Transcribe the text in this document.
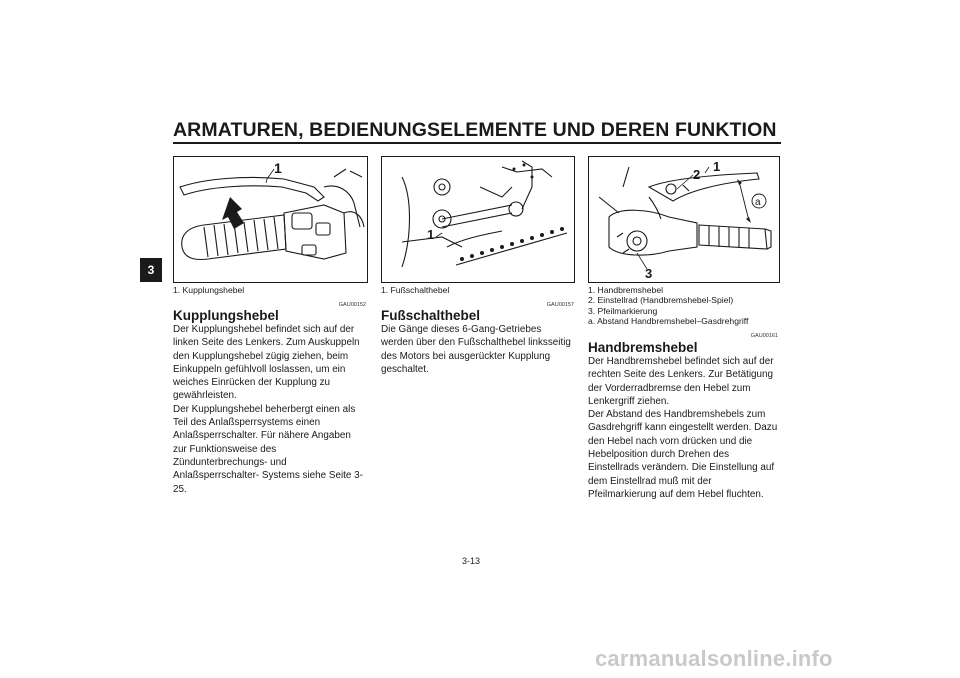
ARMATUREN, BEDIENUNGSELEMENTE UND DEREN FUNKTION
3
1
1. Kupplungshebel
GAU00152
Kupplungshebel

Der Kupplungshebel befindet sich auf der linken Seite des Lenkers. Zum Auskuppeln den Kupplungshebel zügig ziehen, beim Einkuppeln gefühlvoll loslassen, um ein weiches Einrücken der Kupplung zu gewährleisten.

Der Kupplungshebel beherbergt einen als Teil des Anlaßsperrsystems einen Anlaßsperrschalter. Für nähere Angaben zur Funktionsweise des Zündunterbrechungs- und Anlaßsperrschalter- Systems siehe Seite 3-25.

1
1. Fußschalthebel
GAU00157
Fußschalthebel

Die Gänge dieses 6-Gang-Getriebes werden über den Fußschalthebel linksseitig des Motors bei ausgerückter Kupplung geschaltet.

a
2
1
3
1. Handbremshebel
2. Einstellrad (Handbremshebel-Spiel)
3. Pfeilmarkierung
a. Abstand Handbremshebel–Gasdrehgriff
GAU00161
Handbremshebel

Der Handbremshebel befindet sich auf der rechten Seite des Lenkers. Zur Betätigung der Vorderradbremse den Hebel zum Lenkergriff ziehen.

Der Abstand des Handbremshebels zum Gasdrehgriff kann eingestellt werden. Dazu den Hebel nach vorn drücken und die Hebelposition durch Drehen des Einstellrads verändern. Die Einstellung auf dem Einstellrad muß mit der Pfeilmarkierung auf dem Hebel fluchten.

3-13
carmanualsonline.info
